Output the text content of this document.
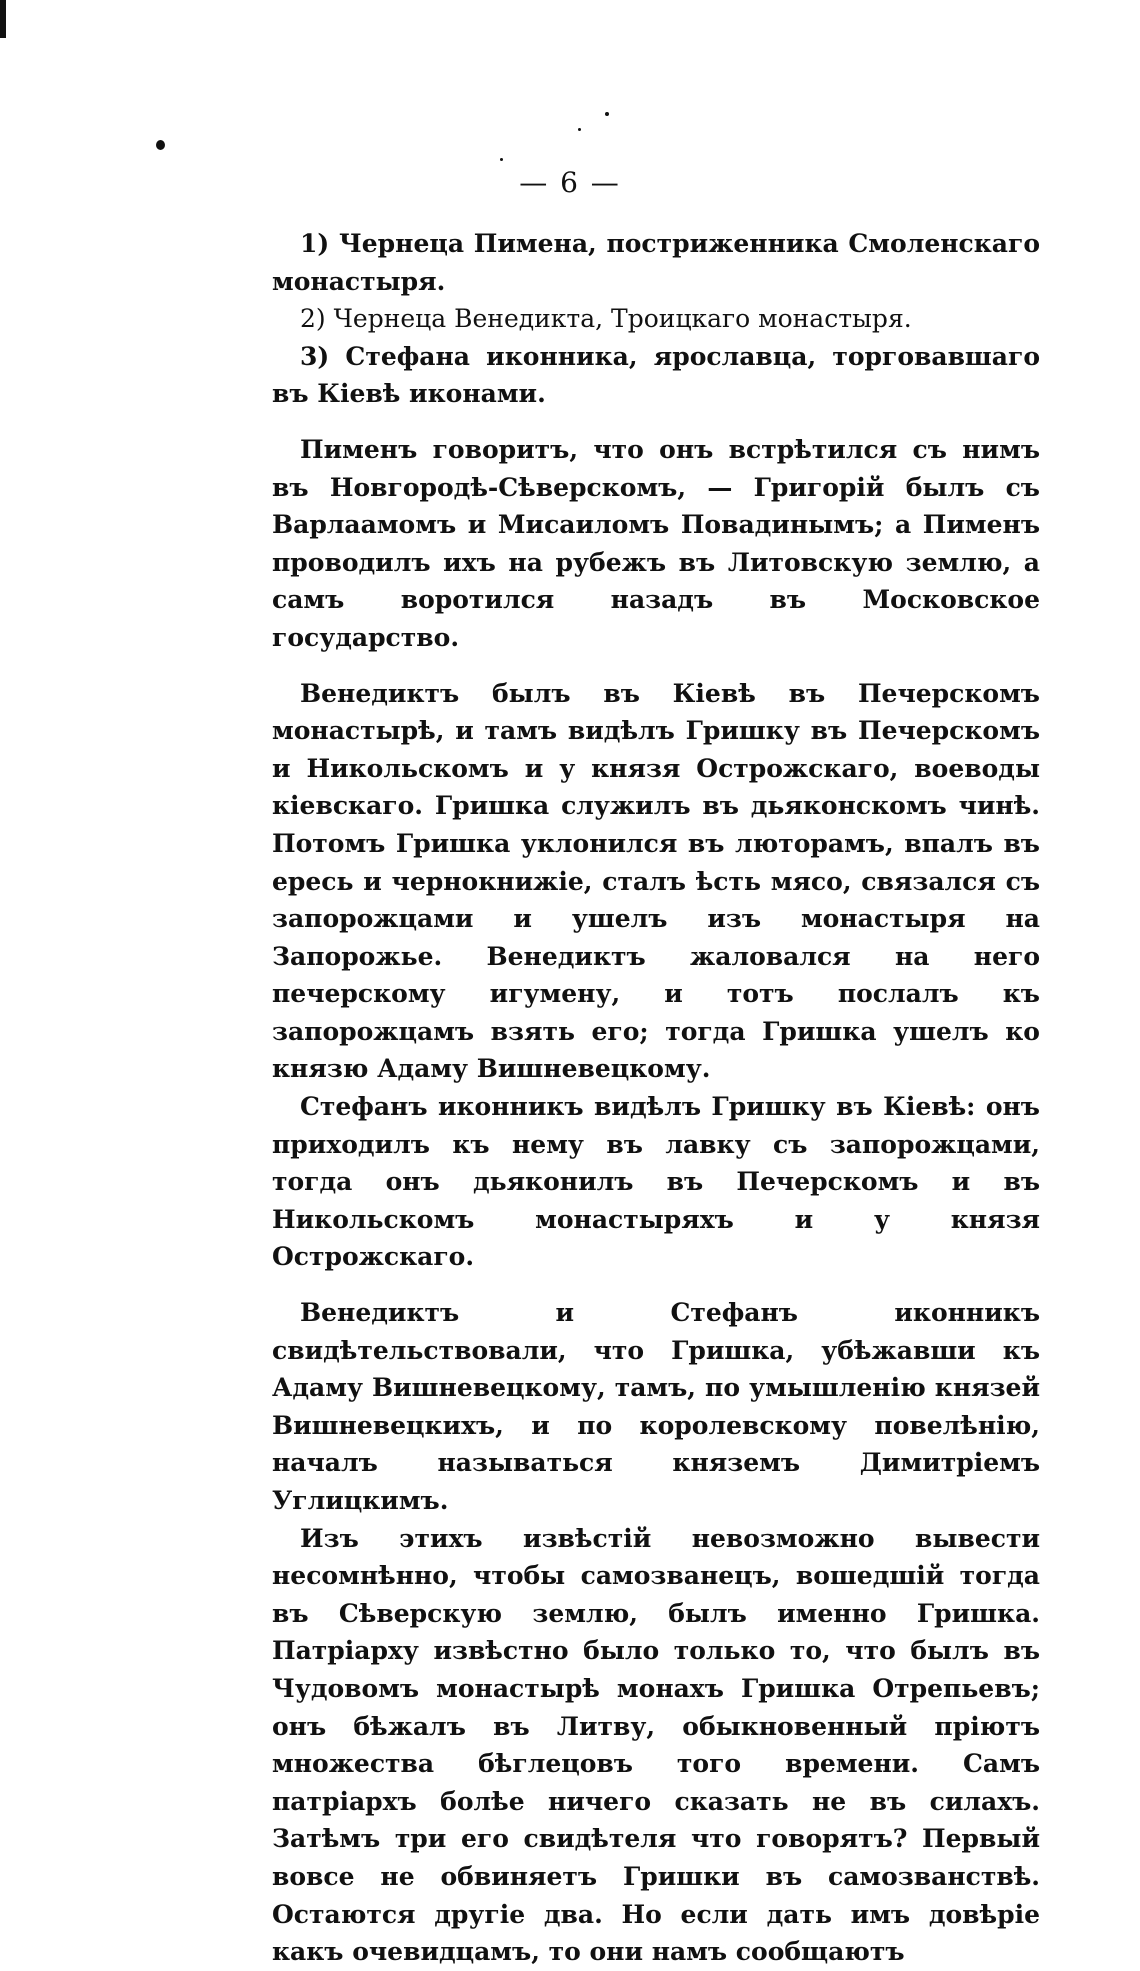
— 6 —

1) Чернеца Пимена, постриженника Смоленскаго монастыря.

2) Чернеца Венедикта, Троицкаго монастыря.

3) Стефана иконника, ярославца, торговавшаго въ Кіевѣ иконами.

Пименъ говоритъ, что онъ встрѣтился съ нимъ въ Новгородѣ-Сѣверскомъ, — Григорій былъ съ Варлаамомъ и Мисаиломъ Повадинымъ; а Пименъ проводилъ ихъ на рубежъ въ Литовскую землю, а самъ воротился назадъ въ Московское государство.

Венедиктъ былъ въ Кіевѣ въ Печерскомъ монастырѣ, и тамъ видѣлъ Гришку въ Печерскомъ и Никольскомъ и у князя Острожскаго, воеводы кіевскаго. Гришка служилъ въ дьяконскомъ чинѣ. Потомъ Гришка уклонился въ люторамъ, впалъ въ ересь и чернокнижіе, сталъ ѣсть мясо, связался съ запорожцами и ушелъ изъ монастыря на Запорожье. Венедиктъ жаловался на него печерскому игумену, и тотъ послалъ къ запорожцамъ взять его; тогда Гришка ушелъ ко князю Адаму Вишневецкому.

Стефанъ иконникъ видѣлъ Гришку въ Кіевѣ: онъ приходилъ къ нему въ лавку съ запорожцами, тогда онъ дьяконилъ въ Печерскомъ и въ Никольскомъ монастыряхъ и у князя Острожскаго.

Венедиктъ и Стефанъ иконникъ свидѣтельствовали, что Гришка, убѣжавши къ Адаму Вишневецкому, тамъ, по умышленію князей Вишневецкихъ, и по королевскому повелѣнію, началъ называться княземъ Димитріемъ Углицкимъ.

Изъ этихъ извѣстій невозможно вывести несомнѣнно, чтобы самозванецъ, вошедшій тогда въ Сѣверскую землю, былъ именно Гришка. Патріарху извѣстно было только то, что былъ въ Чудовомъ монастырѣ монахъ Гришка Отрепьевъ; онъ бѣжалъ въ Литву, обыкновенный пріютъ множества бѣглецовъ того времени. Самъ патріархъ болѣе ничего сказать не въ силахъ. Затѣмъ три его свидѣтеля что говорятъ? Первый вовсе не обвиняетъ Гришки въ самозванствѣ. Остаются другіе два. Но если дать имъ довѣріе какъ очевидцамъ, то они намъ сообщаютъ
